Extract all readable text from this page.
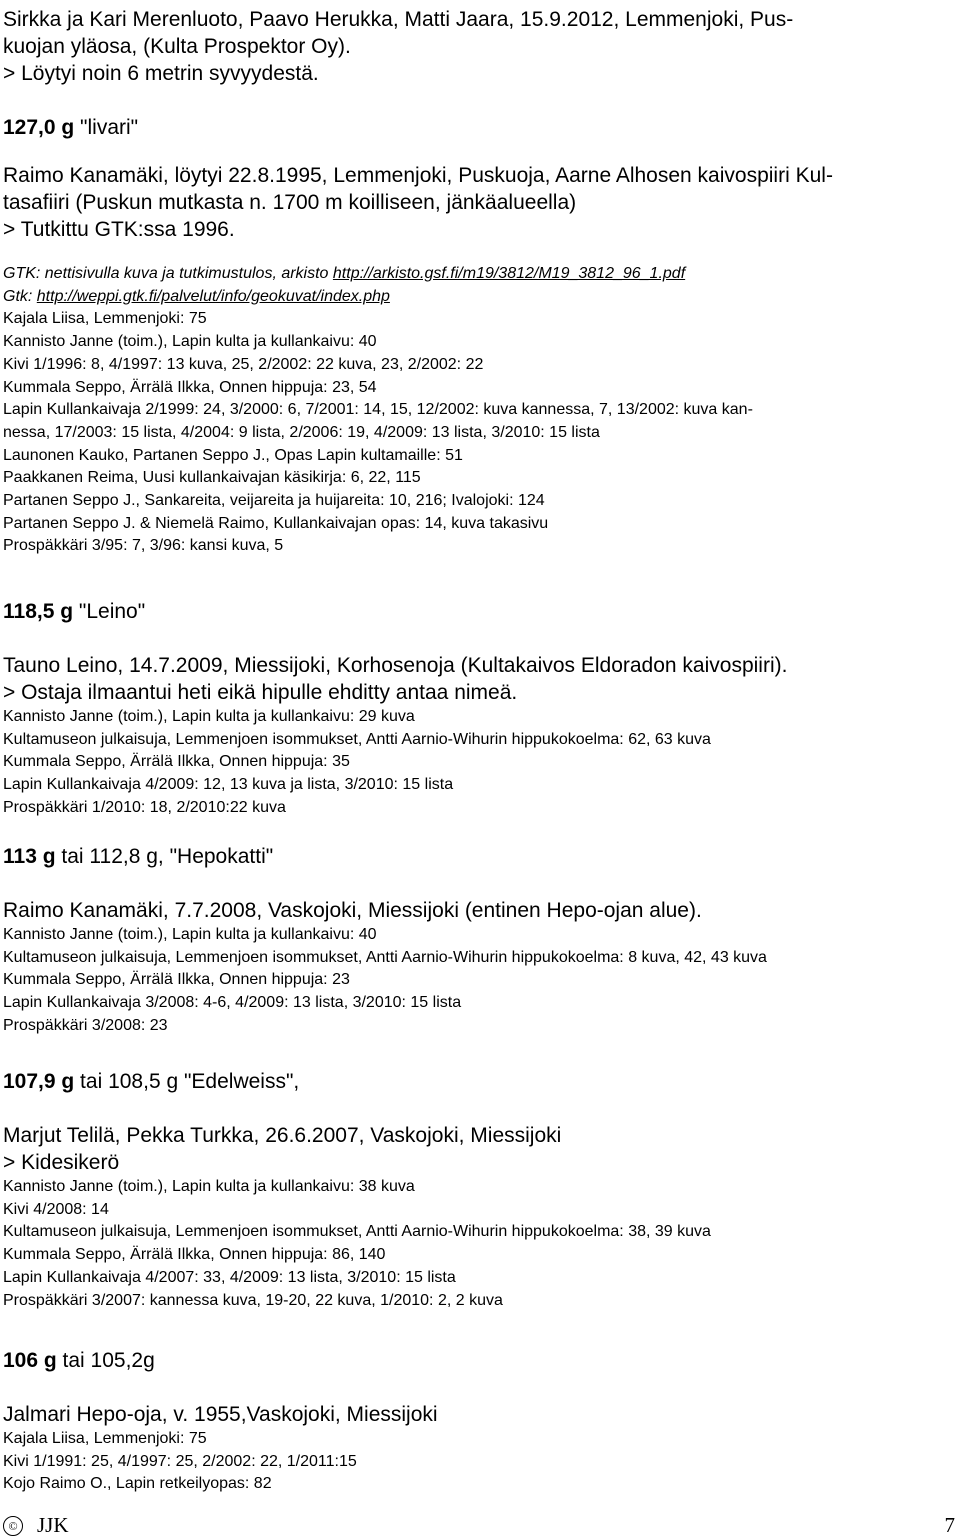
Sirkka ja Kari Merenluoto, Paavo Herukka, Matti Jaara, 15.9.2012, Lemmenjoki, Pus-

kuojan yläosa, (Kulta Prospektor Oy).

> Löytyi noin 6 metrin syvyydestä.

127,0 g "livari"

Raimo Kanamäki, löytyi 22.8.1995, Lemmenjoki, Puskuoja, Aarne Alhosen kaivospiiri Kul-

tasafiiri (Puskun mutkasta n. 1700 m koilliseen, jänkäalueella)

> Tutkittu GTK:ssa 1996.

GTK: nettisivulla kuva ja tutkimustulos, arkisto http://arkisto.gsf.fi/m19/3812/M19_3812_96_1.pdf

Gtk: http://weppi.gtk.fi/palvelut/info/geokuvat/index.php

Kajala Liisa, Lemmenjoki: 75

Kannisto Janne (toim.), Lapin kulta ja kullankaivu: 40

Kivi 1/1996: 8, 4/1997: 13 kuva, 25, 2/2002: 22 kuva, 23, 2/2002: 22

Kummala Seppo, Ärrälä Ilkka, Onnen hippuja: 23, 54

Lapin Kullankaivaja 2/1999: 24, 3/2000: 6, 7/2001: 14, 15, 12/2002: kuva kannessa, 7, 13/2002: kuva kan-

nessa, 17/2003: 15 lista, 4/2004: 9 lista, 2/2006: 19, 4/2009: 13 lista, 3/2010: 15 lista

Launonen Kauko, Partanen Seppo J., Opas Lapin kultamaille: 51

Paakkanen Reima, Uusi kullankaivajan käsikirja: 6, 22, 115

Partanen Seppo J., Sankareita, veijareita ja huijareita: 10, 216; Ivalojoki: 124

Partanen Seppo J. & Niemelä Raimo, Kullankaivajan opas: 14, kuva takasivu

Prospäkkäri 3/95: 7, 3/96: kansi kuva, 5

118,5 g "Leino"

Tauno Leino, 14.7.2009, Miessijoki, Korhosenoja (Kultakaivos Eldoradon kaivospiiri).

> Ostaja ilmaantui heti eikä hipulle ehditty antaa nimeä.

Kannisto Janne (toim.), Lapin kulta ja kullankaivu: 29 kuva

Kultamuseon julkaisuja, Lemmenjoen isommukset, Antti Aarnio-Wihurin hippukokoelma: 62, 63 kuva

Kummala Seppo, Ärrälä Ilkka, Onnen hippuja: 35

Lapin Kullankaivaja 4/2009: 12, 13 kuva ja lista, 3/2010: 15 lista

Prospäkkäri 1/2010: 18, 2/2010:22 kuva

113 g tai 112,8 g, "Hepokatti"

Raimo Kanamäki, 7.7.2008, Vaskojoki, Miessijoki (entinen Hepo-ojan alue).

Kannisto Janne (toim.), Lapin kulta ja kullankaivu: 40

Kultamuseon julkaisuja, Lemmenjoen isommukset, Antti Aarnio-Wihurin hippukokoelma: 8 kuva, 42, 43 kuva

Kummala Seppo, Ärrälä Ilkka, Onnen hippuja: 23

Lapin Kullankaivaja 3/2008: 4-6, 4/2009: 13 lista, 3/2010: 15 lista

Prospäkkäri 3/2008: 23

107,9 g tai 108,5 g "Edelweiss",

Marjut Telilä, Pekka Turkka, 26.6.2007, Vaskojoki, Miessijoki

> Kidesikerö

Kannisto Janne (toim.), Lapin kulta ja kullankaivu: 38 kuva

Kivi 4/2008: 14

Kultamuseon julkaisuja, Lemmenjoen isommukset, Antti Aarnio-Wihurin hippukokoelma: 38, 39 kuva

Kummala Seppo, Ärrälä Ilkka, Onnen hippuja: 86, 140

Lapin Kullankaivaja 4/2007: 33, 4/2009: 13 lista, 3/2010: 15 lista

Prospäkkäri 3/2007: kannessa kuva, 19-20, 22 kuva, 1/2010: 2, 2 kuva

106 g tai 105,2g

Jalmari Hepo-oja, v. 1955,Vaskojoki, Miessijoki

Kajala Liisa, Lemmenjoki: 75

Kivi 1/1991: 25, 4/1997: 25, 2/2002: 22, 1/2011:15

Kojo Raimo O., Lapin retkeilyopas: 82

© JJK	7
